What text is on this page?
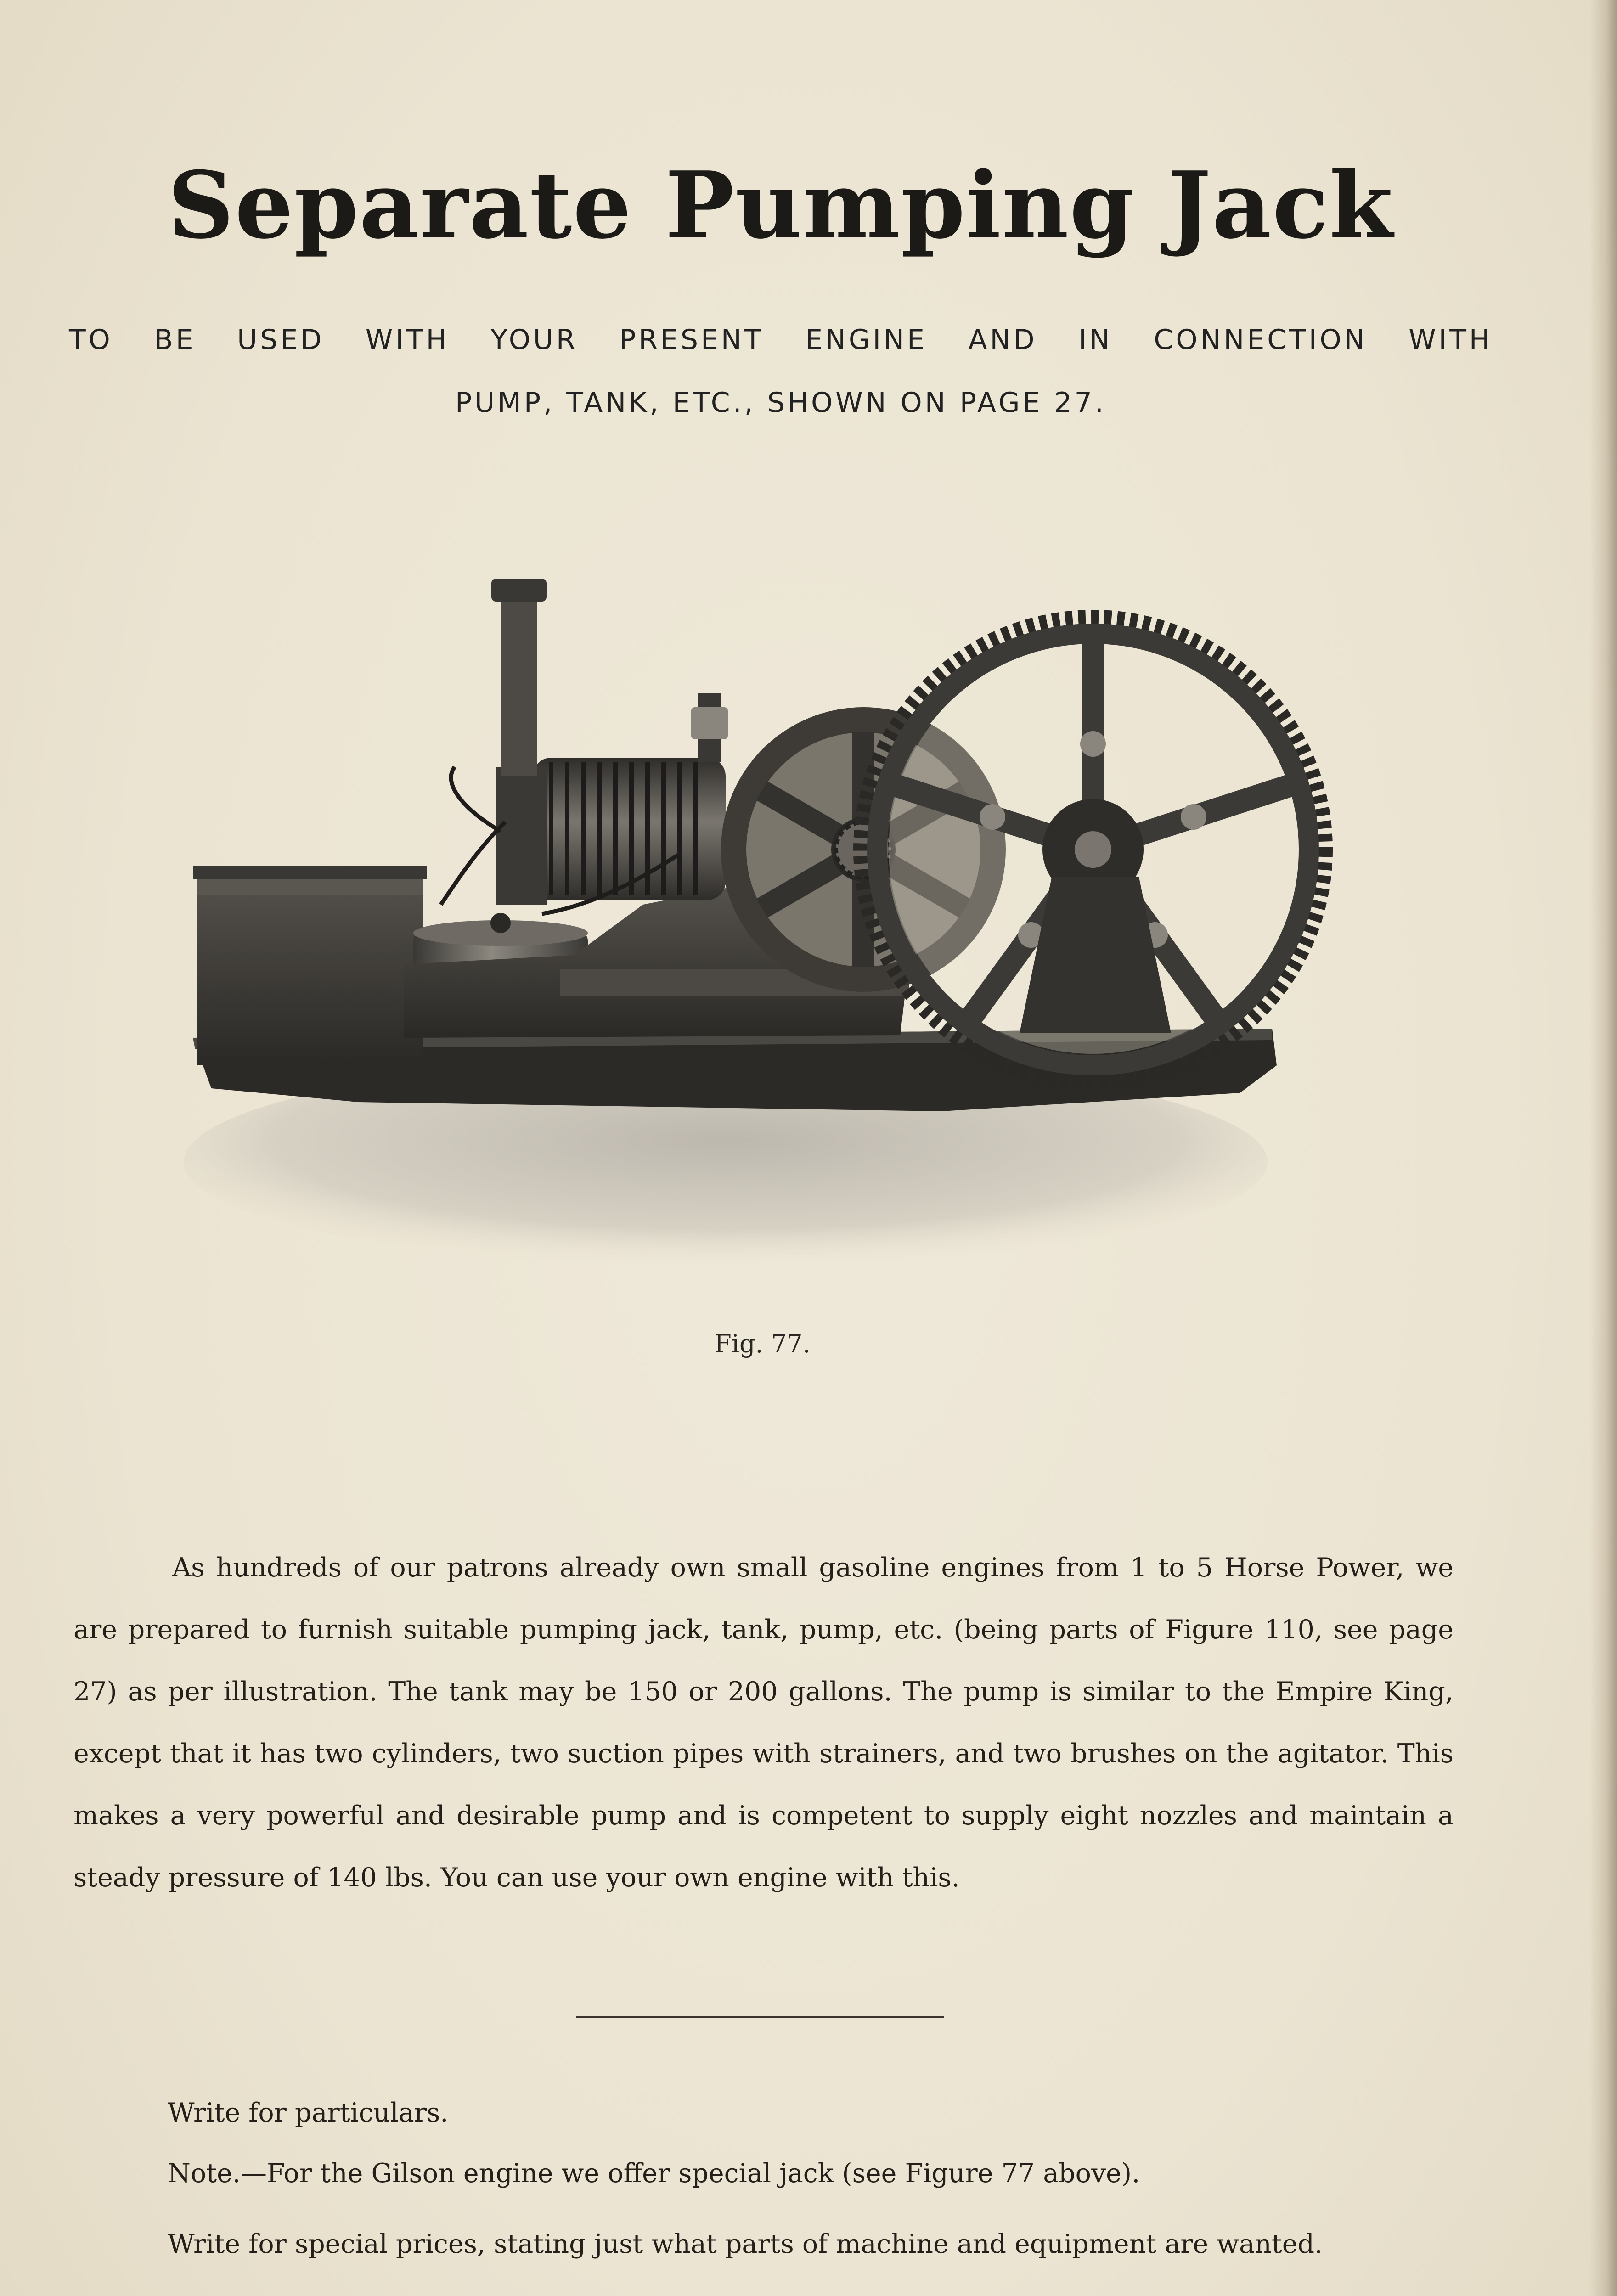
Separate Pumping Jack
TO BE USED WITH YOUR PRESENT ENGINE AND IN CONNECTION WITH
PUMP, TANK, ETC., SHOWN ON PAGE 27.
Fig. 77.

As hundreds of our patrons already own small gasoline engines from 1 to 5 Horse Power, we are prepared to furnish suitable pumping jack, tank, pump, etc. (being parts of Figure 110, see page 27) as per illustration. The tank may be 150 or 200 gallons. The pump is similar to the Empire King, except that it has two cylinders, two suction pipes with strainers, and two brushes on the agitator. This makes a very powerful and desirable pump and is competent to supply eight nozzles and maintain a steady pressure of 140 lbs. You can use your own engine with this.

Write for particulars.
Note.—For the Gilson engine we offer special jack (see Figure 77 above).
Write for special prices, stating just what parts of machine and equipment are wanted.
